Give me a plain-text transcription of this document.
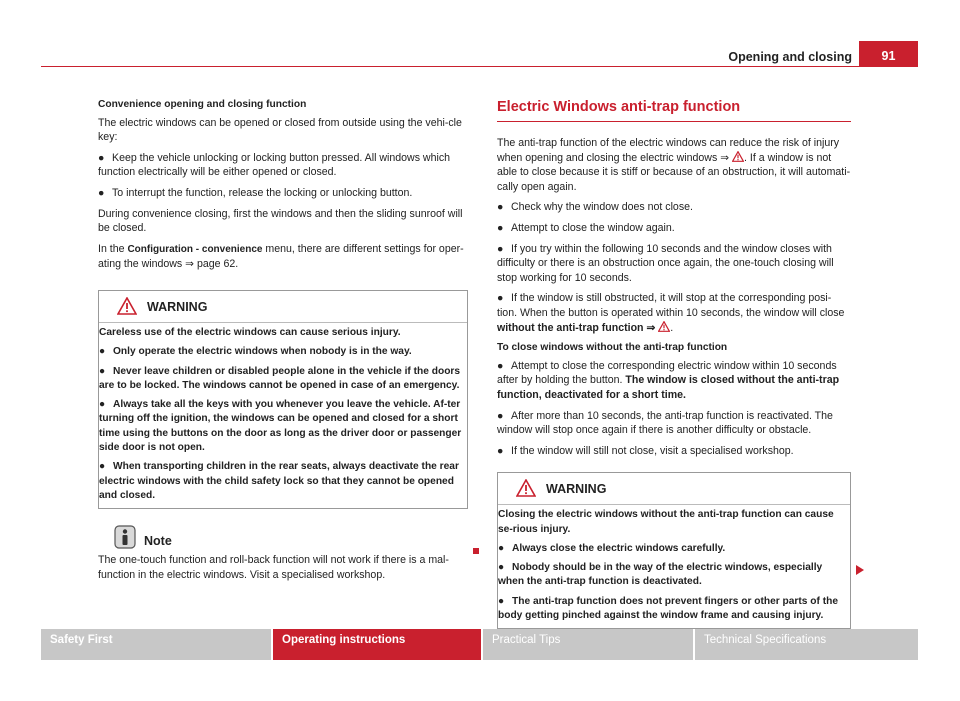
Opening and closing	91
Convenience opening and closing function

The electric windows can be opened or closed from outside using the vehi-cle key:

● Keep the vehicle unlocking or locking button pressed. All windows which function electrically will be either opened or closed.

● To interrupt the function, release the locking or unlocking button.

During convenience closing, first the windows and then the sliding sunroof will be closed.

In the Configuration - convenience menu, there are different settings for oper-ating the windows ⇒ page 62.

WARNING

Careless use of the electric windows can cause serious injury.

● Only operate the electric windows when nobody is in the way.

● Never leave children or disabled people alone in the vehicle if the doors are to be locked. The windows cannot be opened in case of an emergency.

● Always take all the keys with you whenever you leave the vehicle. Af-ter turning off the ignition, the windows can be opened and closed for a short time using the buttons on the door as long as the driver door or passenger side door is not open.

● When transporting children in the rear seats, always deactivate the rear electric windows with the child safety lock so that they cannot be opened and closed.

Note

The one-touch function and roll-back function will not work if there is a mal-function in the electric windows. Visit a specialised workshop.

Electric Windows anti-trap function

The anti-trap function of the electric windows can reduce the risk of injury when opening and closing the electric windows ⇒ . If a window is not able to close because it is stiff or because of an obstruction, it will automati-cally open again.

● Check why the window does not close.

● Attempt to close the window again.

● If you try within the following 10 seconds and the window closes with difficulty or there is an obstruction once again, the one-touch closing will stop working for 10 seconds.

● If the window is still obstructed, it will stop at the corresponding posi-tion. When the button is operated within 10 seconds, the window will close without the anti-trap function ⇒ .

To close windows without the anti-trap function

● Attempt to close the corresponding electric window within 10 seconds after by holding the button. The window is closed without the anti-trap function, deactivated for a short time.

● After more than 10 seconds, the anti-trap function is reactivated. The window will stop once again if there is another difficulty or obstacle.

● If the window will still not close, visit a specialised workshop.

WARNING

Closing the electric windows without the anti-trap function can cause se-rious injury.

● Always close the electric windows carefully.

● Nobody should be in the way of the electric windows, especially when the anti-trap function is deactivated.

● The anti-trap function does not prevent fingers or other parts of the body getting pinched against the window frame and causing injury.

Safety First	Operating instructions	Practical Tips	Technical Specifications
